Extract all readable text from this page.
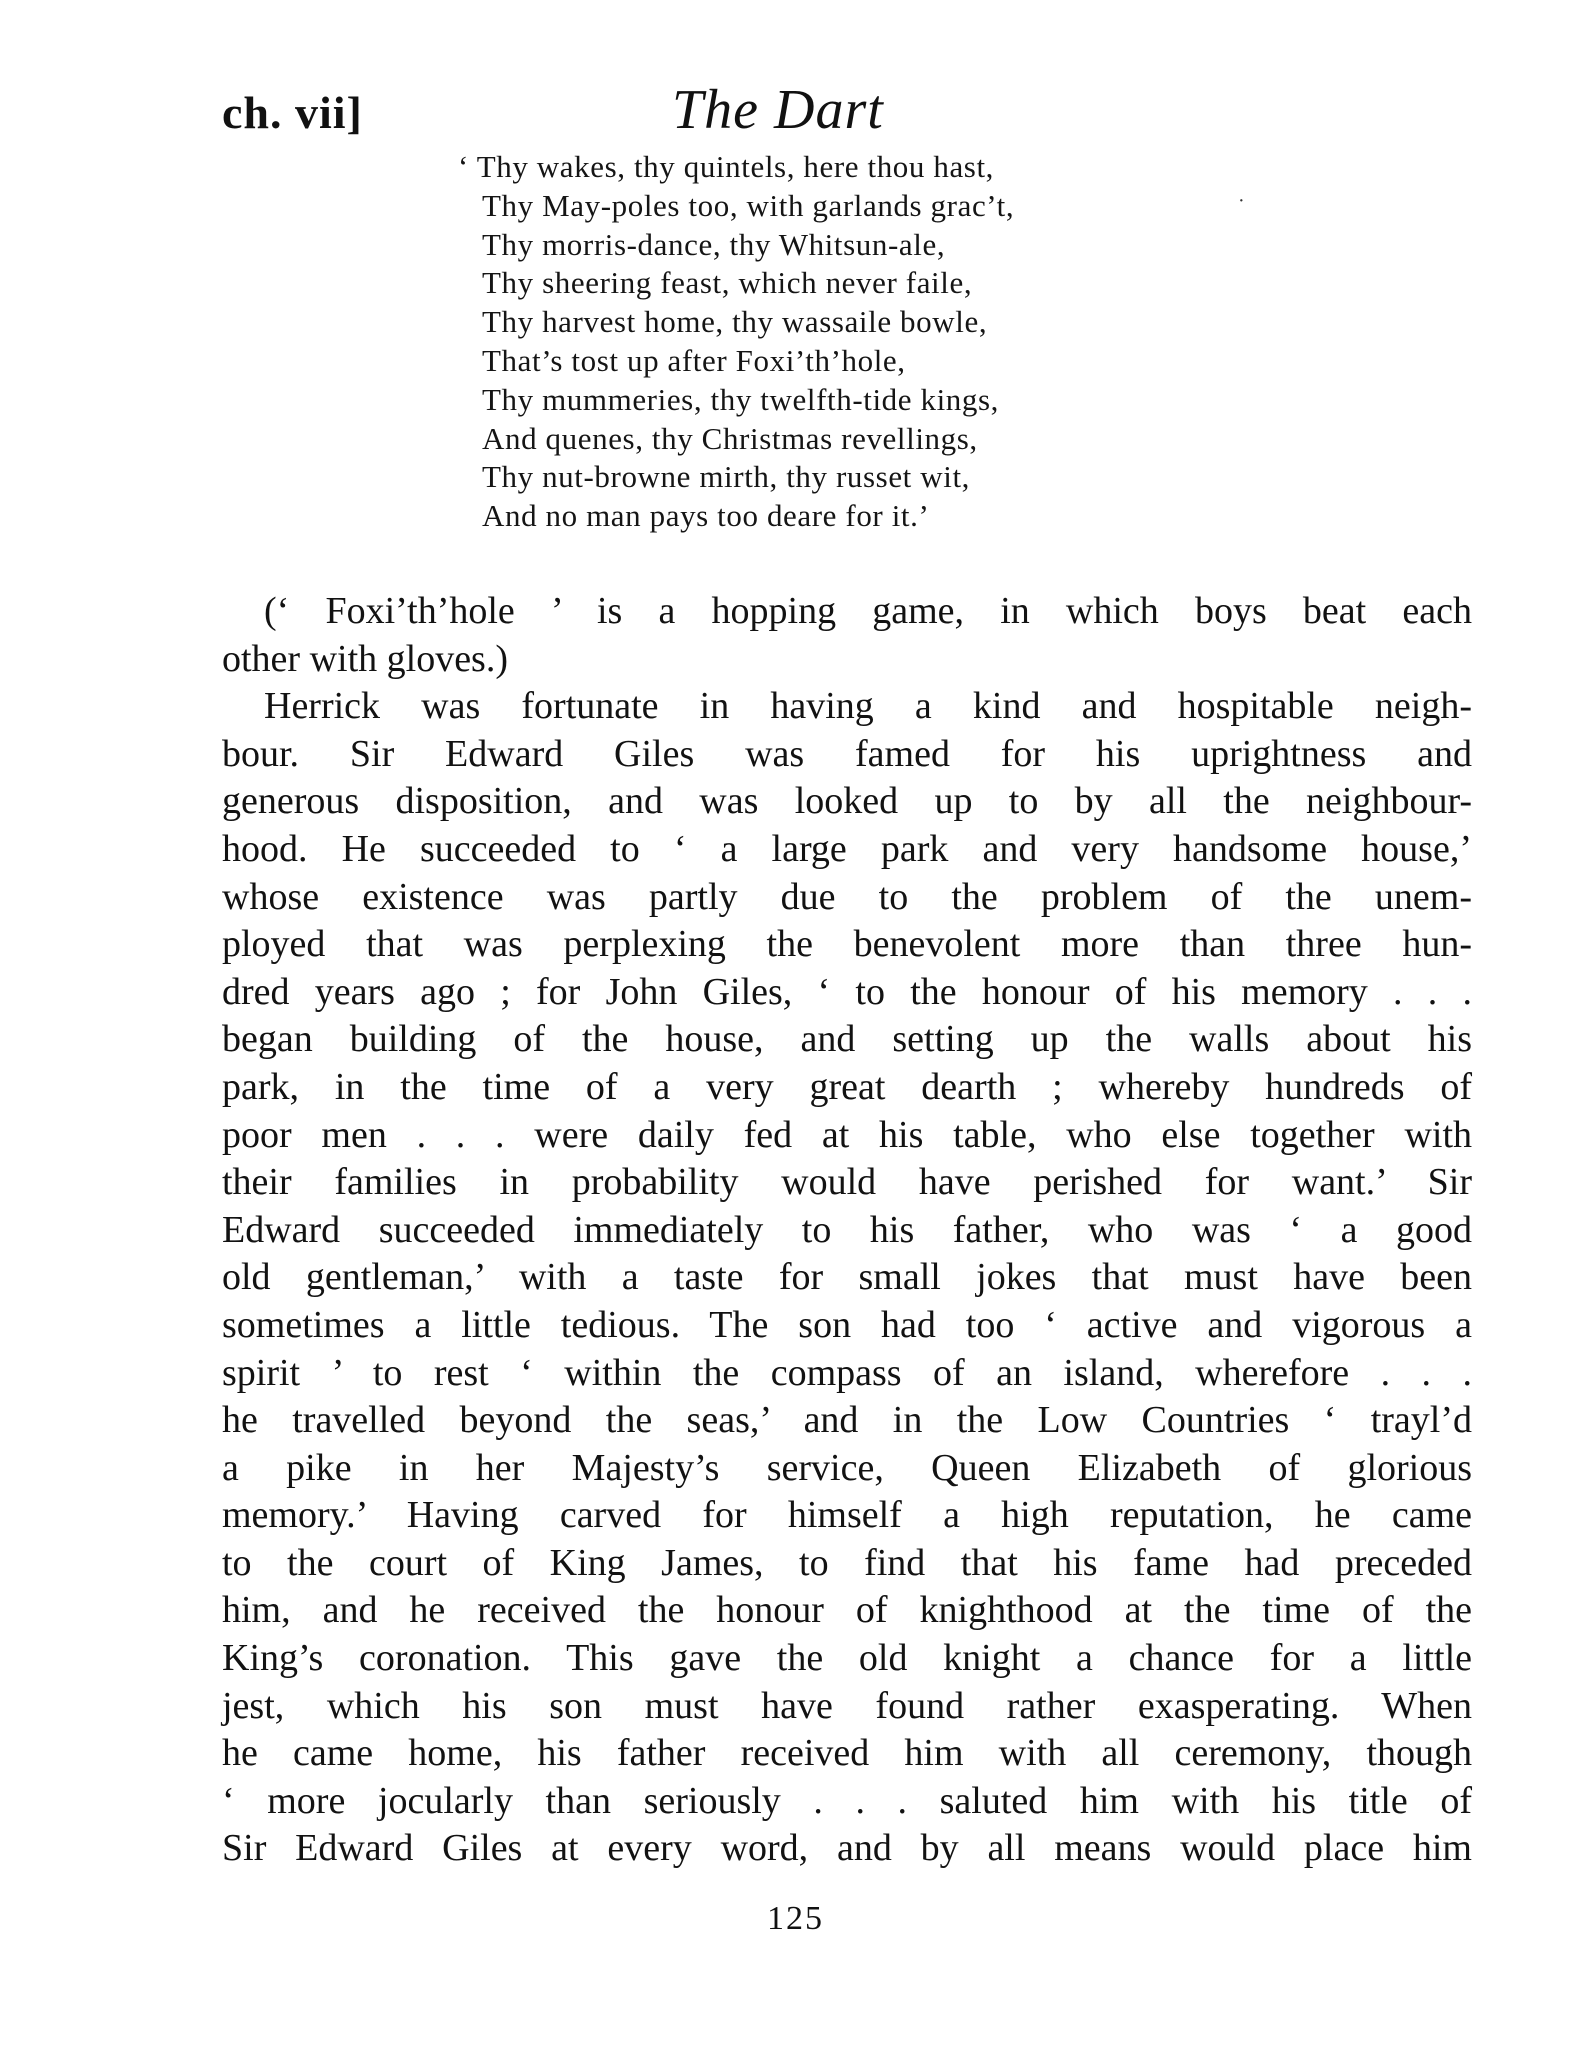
ch. vii]	The Dart
‘ Thy wakes, thy quintels, here thou hast,
Thy May-poles too, with garlands grac’t,
Thy morris-dance, thy Whitsun-ale,
Thy sheering feast, which never faile,
Thy harvest home, thy wassaile bowle,
That’s tost up after Foxi’th’hole,
Thy mummeries, thy twelfth-tide kings,
And quenes, thy Christmas revellings,
Thy nut-browne mirth, thy russet wit,
And no man pays too deare for it.’
·
(‘ Foxi’th’hole ’ is a hopping game, in which boys beat each
other with gloves.)
Herrick was fortunate in having a kind and hospitable neigh-
bour. Sir Edward Giles was famed for his uprightness and
generous disposition, and was looked up to by all the neighbour-
hood. He succeeded to ‘ a large park and very handsome house,’
whose existence was partly due to the problem of the unem-
ployed that was perplexing the benevolent more than three hun-
dred years ago ; for John Giles, ‘ to the honour of his memory . . .
began building of the house, and setting up the walls about his
park, in the time of a very great dearth ; whereby hundreds of
poor men . . . were daily fed at his table, who else together with
their families in probability would have perished for want.’ Sir
Edward succeeded immediately to his father, who was ‘ a good
old gentleman,’ with a taste for small jokes that must have been
sometimes a little tedious. The son had too ‘ active and vigorous a
spirit ’ to rest ‘ within the compass of an island, wherefore . . .
he travelled beyond the seas,’ and in the Low Countries ‘ trayl’d
a pike in her Majesty’s service, Queen Elizabeth of glorious
memory.’ Having carved for himself a high reputation, he came
to the court of King James, to find that his fame had preceded
him, and he received the honour of knighthood at the time of the
King’s coronation. This gave the old knight a chance for a little
jest, which his son must have found rather exasperating. When
he came home, his father received him with all ceremony, though
‘ more jocularly than seriously . . . saluted him with his title of
Sir Edward Giles at every word, and by all means would place him
125
